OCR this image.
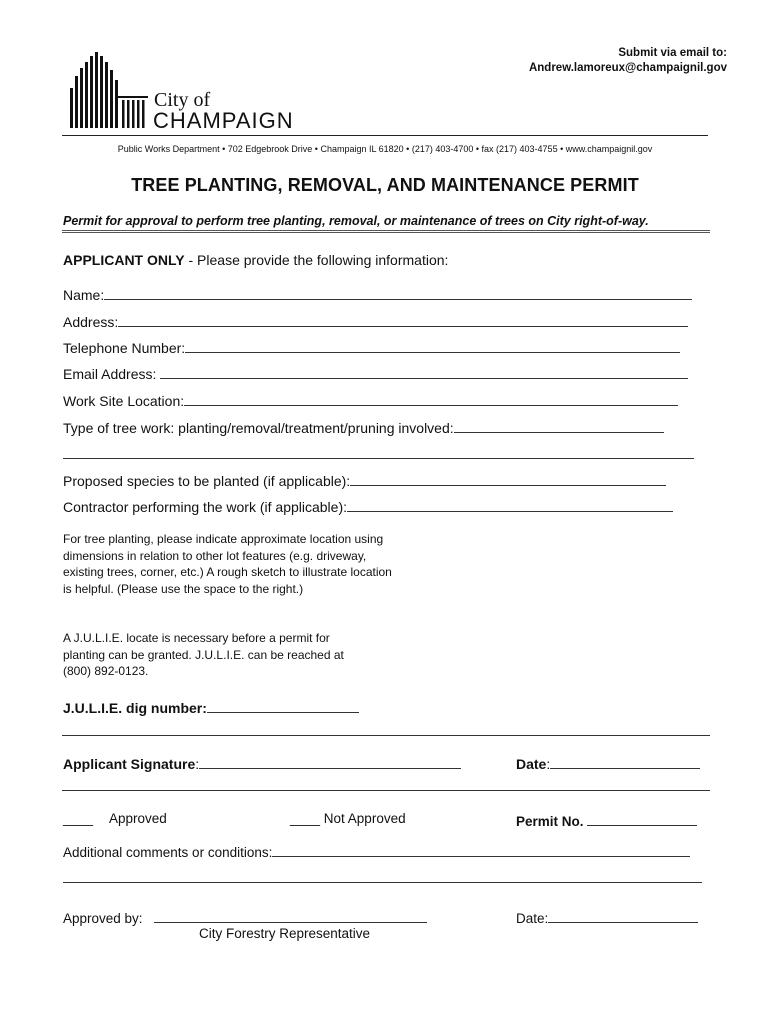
Submit via email to:
Andrew.lamoreux@champaignil.gov
City of
CHAMPAIGN
Public Works Department • 702 Edgebrook Drive • Champaign IL 61820 • (217) 403-4700 • fax (217) 403-4755 • www.champaignil.gov
TREE PLANTING, REMOVAL, AND MAINTENANCE PERMIT
Permit for approval to perform tree planting, removal, or maintenance of trees on City right-of-way.
APPLICANT ONLY - Please provide the following information:
Name:
Address:
Telephone Number:
Email Address:
Work Site Location:
Type of tree work: planting/removal/treatment/pruning involved:
Proposed species to be planted (if applicable):
Contractor performing the work (if applicable):
For tree planting, please indicate approximate location using dimensions in relation to other lot features (e.g. driveway, existing trees, corner, etc.) A rough sketch to illustrate location is helpful. (Please use the space to the right.)
A J.U.L.I.E. locate is necessary before a permit for planting can be granted. J.U.L.I.E. can be reached at (800) 892-0123.
J.U.L.I.E. dig number:
Applicant Signature:	Date:
____ Approved	____ Not Approved	Permit No.
Additional comments or conditions:
Approved by:	Date:
City Forestry Representative
